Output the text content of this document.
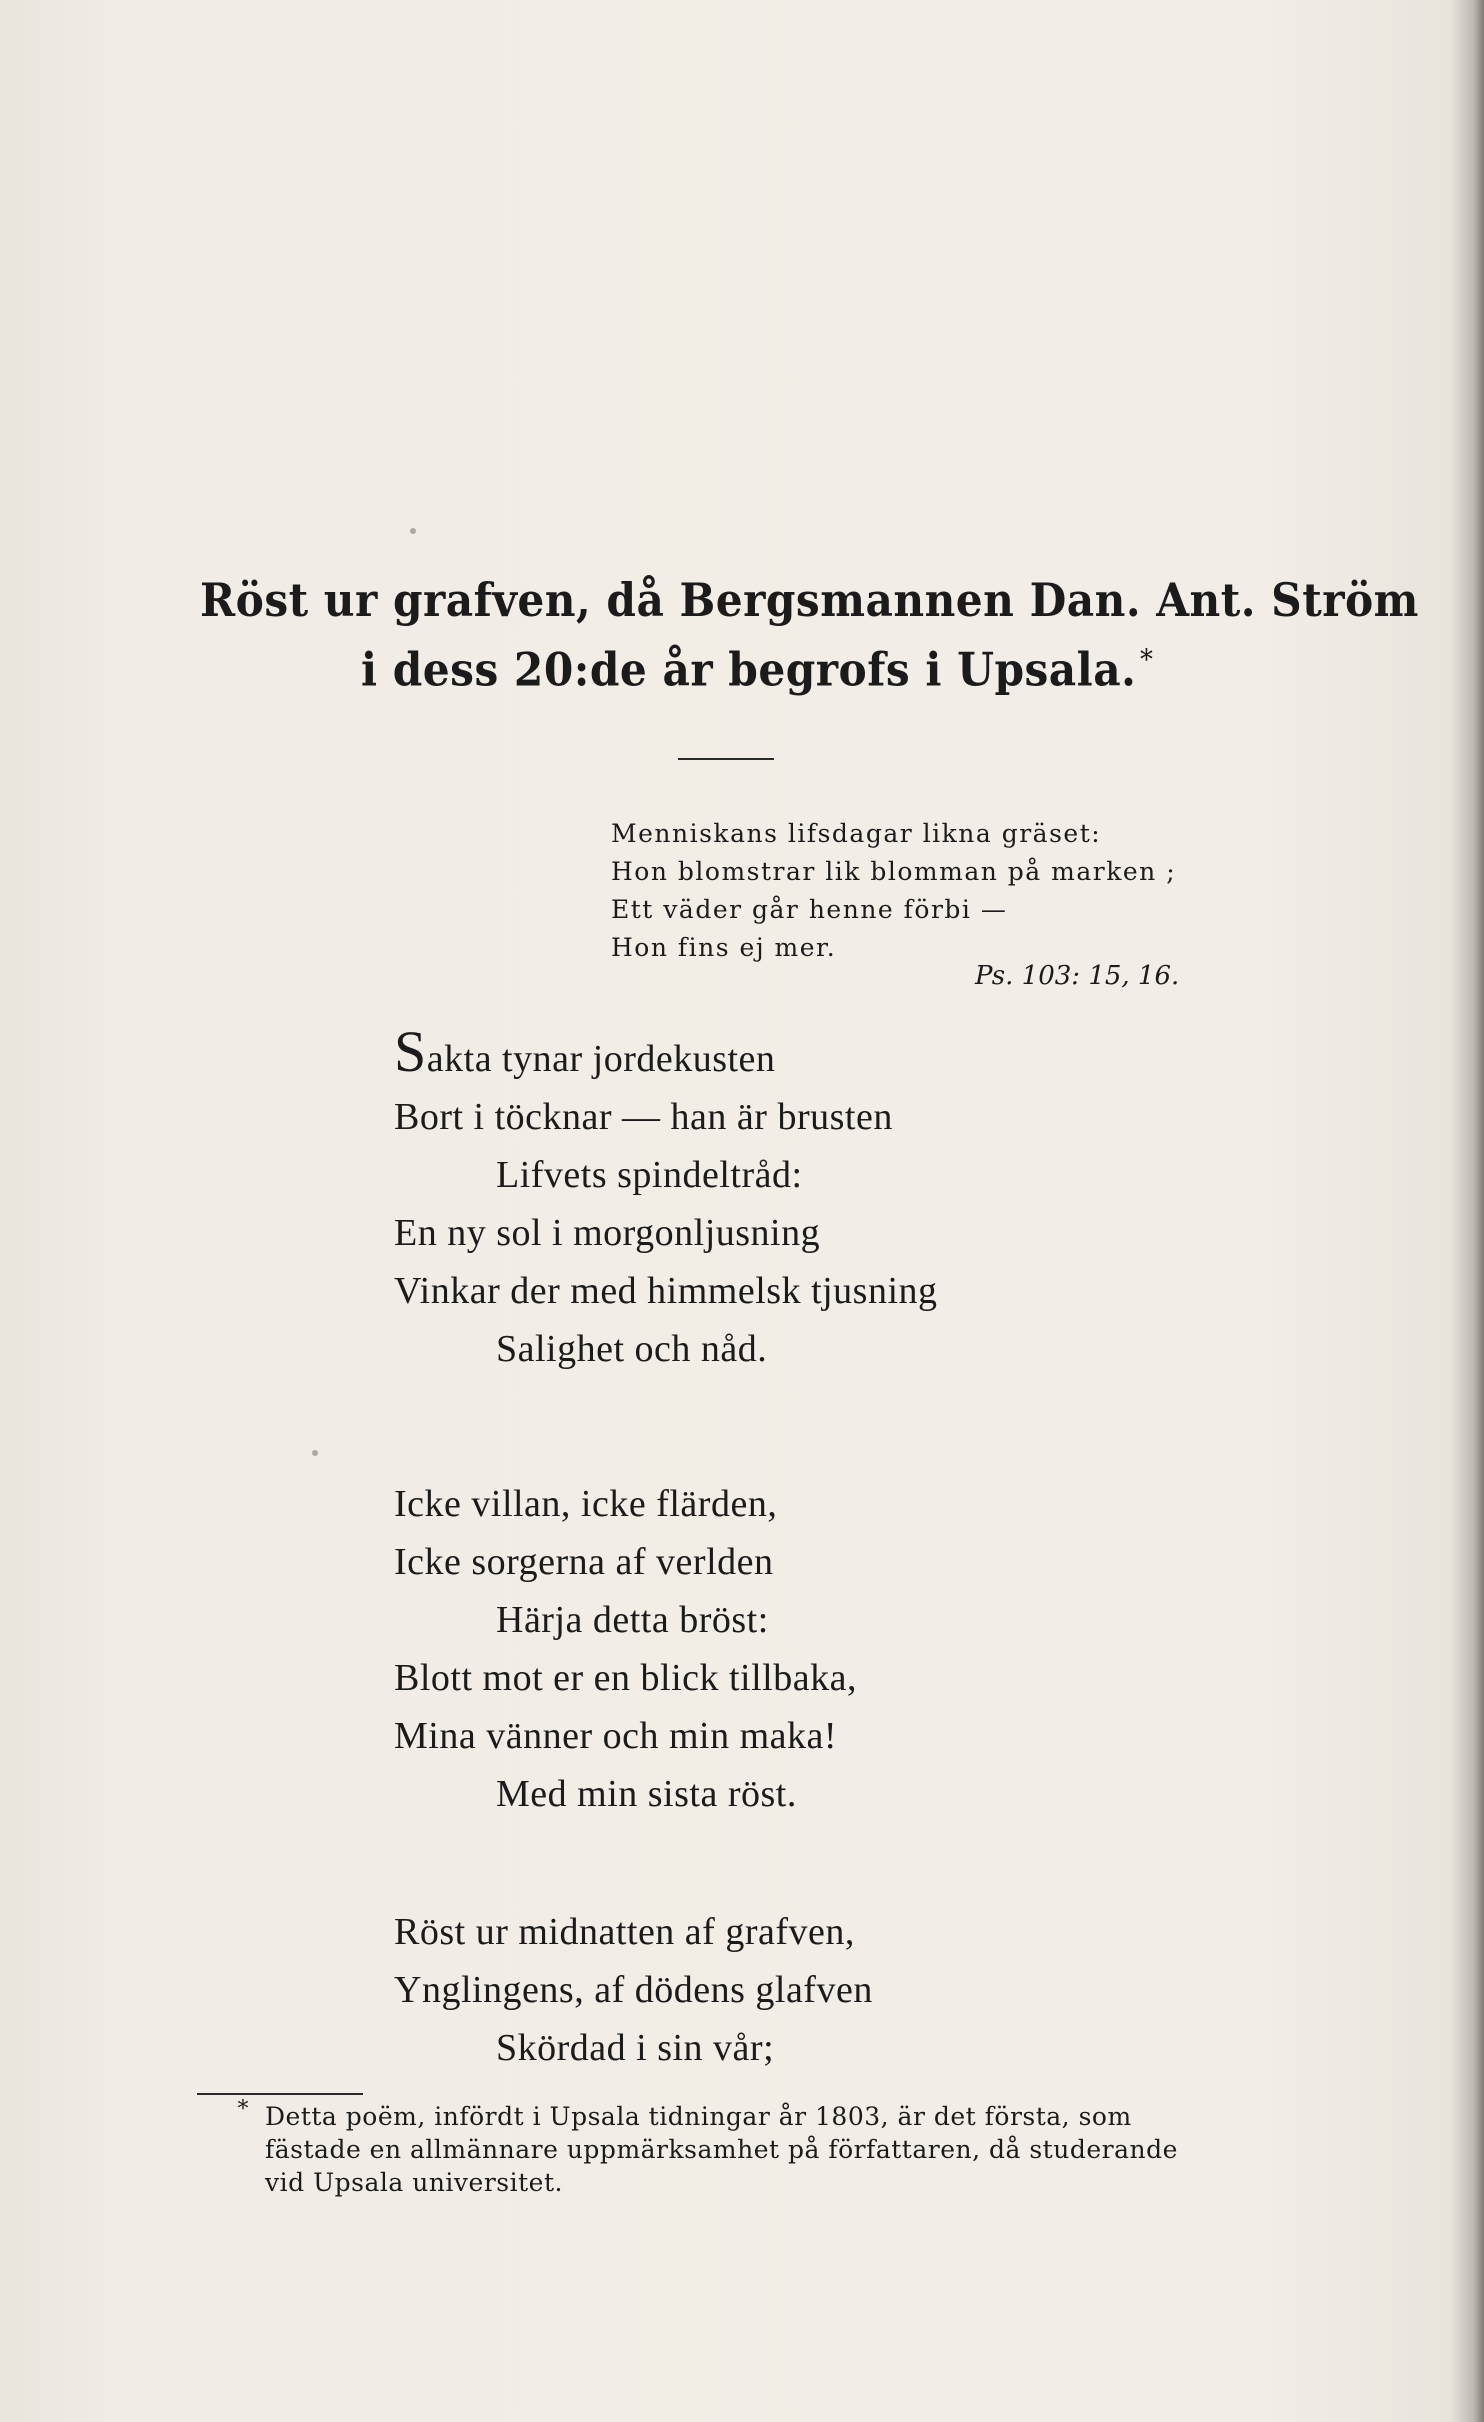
Röst ur grafven, då Bergsmannen Dan. Ant. Ström
i dess 20:de år begrofs i Upsala. *
Menniskans lifsdagar likna gräset:
Hon blomstrar lik blomman på marken ;
Ett väder går henne förbi —
Hon fins ej mer.
Ps. 103: 15, 16.
Sakta tynar jordekusten
Bort i töcknar — han är brusten
Lifvets spindeltråd:
En ny sol i morgonljusning
Vinkar der med himmelsk tjusning
Salighet och nåd.
Icke villan, icke flärden,
Icke sorgerna af verlden
Härja detta bröst:
Blott mot er en blick tillbaka,
Mina vänner och min maka!
Med min sista röst.
Röst ur midnatten af grafven,
Ynglingens, af dödens glafven
Skördad i sin vår;
* Detta poëm, infördt i Upsala tidningar år 1803, är det första, som
fästade en allmännare uppmärksamhet på författaren, då studerande
vid Upsala universitet.
